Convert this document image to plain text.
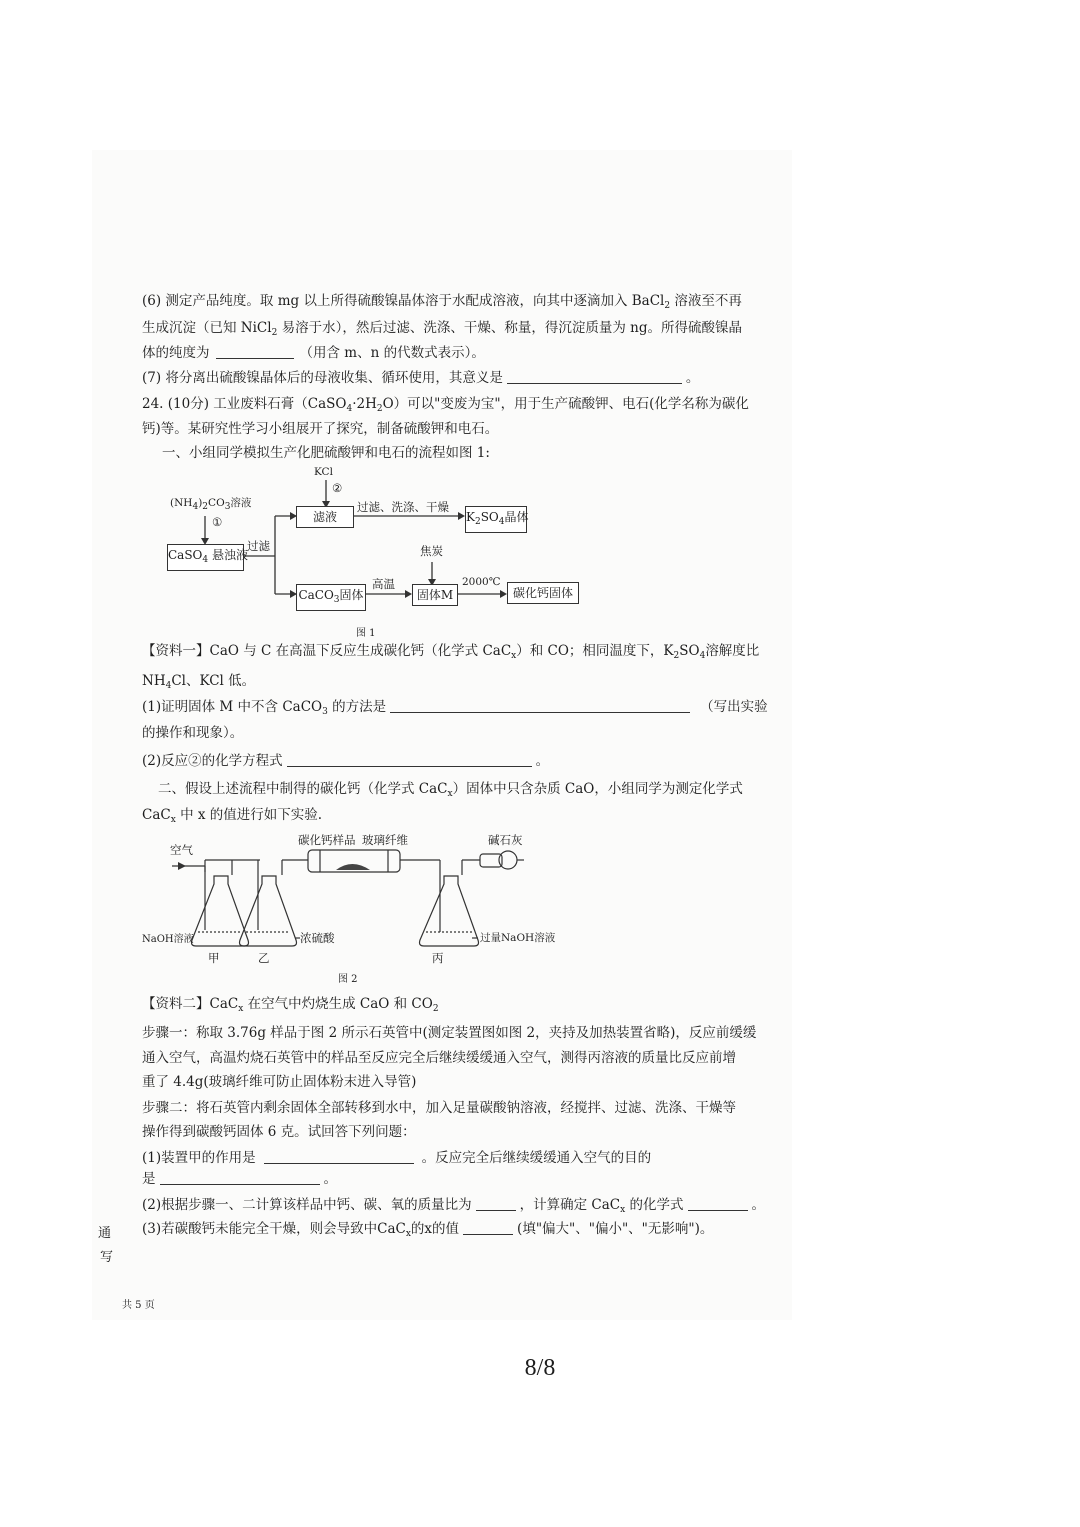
(6) 测定产品纯度。取 mg 以上所得硫酸镍晶体溶于水配成溶液，向其中逐滴加入 BaCl$_2$ 溶液至不再
生成沉淀（已知 NiCl$_2$ 易溶于水），然后过滤、洗涤、干燥、称量，得沉淀质量为 ng。所得硫酸镍晶
体的纯度为	（用含 m、n 的代数式表示）。
(7) 将分离出硫酸镍晶体后的母液收集、循环使用，其意义是	。
24. (10分) 工业废料石膏$(CaSO_4\cdot 2H_2O)$可以"变废为宝"，用于生产硫酸钾、电石(化学名称为碳化
钙)等。某研究性学习小组展开了探究，制备硫酸钾和电石。
一、小组同学模拟生产化肥硫酸钾和电石的流程如图 1:
(NH4)2CO3溶液
①
CaSO$_4$ 悬浊液
过滤
KCl
②
滤液
过滤、洗涤、干燥
$K_2SO_4$晶体
CaCO$_3$固体
高温
焦炭
固体M
2000℃
碳化钙固体
图 1
【资料一】CaO 与 C 在高温下反应生成碳化钙（化学式 CaC$_x$）和 CO；相同温度下，$K_2SO_4$溶解度比
$NH_4Cl$、KCl 低。
(1)证明固体 M 中不含 CaCO$_3$ 的方法是	（写出实验
的操作和现象）。
(2)反应②的化学方程式	。
二、假设上述流程中制得的碳化钙（化学式 CaC$_x$）固体中只含杂质 CaO，小组同学为测定化学式
CaC$_x$ 中 x 的值进行如下实验.
空气
碳化钙样品 玻璃纤维	碱石灰
NaOH溶液	浓硫酸	过量NaOH溶液
甲	乙	丙
图 2
【资料二】CaC$_x$ 在空气中灼烧生成 CaO 和 $CO_2$
步骤一：称取 3.76g 样品于图 2 所示石英管中(测定装置图如图 2，夹持及加热装置省略)，反应前缓缓
通入空气，高温灼烧石英管中的样品至反应完全后继续缓缓通入空气，测得丙溶液的质量比反应前增
重了 4.4g(玻璃纤维可防止固体粉末进入导管)
步骤二：将石英管内剩余固体全部转移到水中，加入足量碳酸钠溶液，经搅拌、过滤、洗涤、干燥等
操作得到碳酸钙固体 6 克。试回答下列问题：
(1)装置甲的作用是	。反应完全后继续缓缓通入空气的目的
是	。
(2)根据步骤一、二计算该样品中钙、碳、氧的质量比为	，计算确定 CaC$_x$ 的化学式	。
(3)若碳酸钙未能完全干燥，则会导致中CaC$_x$的x的值	(填"偏大"、"偏小"、"无影响")。
通
写
共 5 页
8/8
